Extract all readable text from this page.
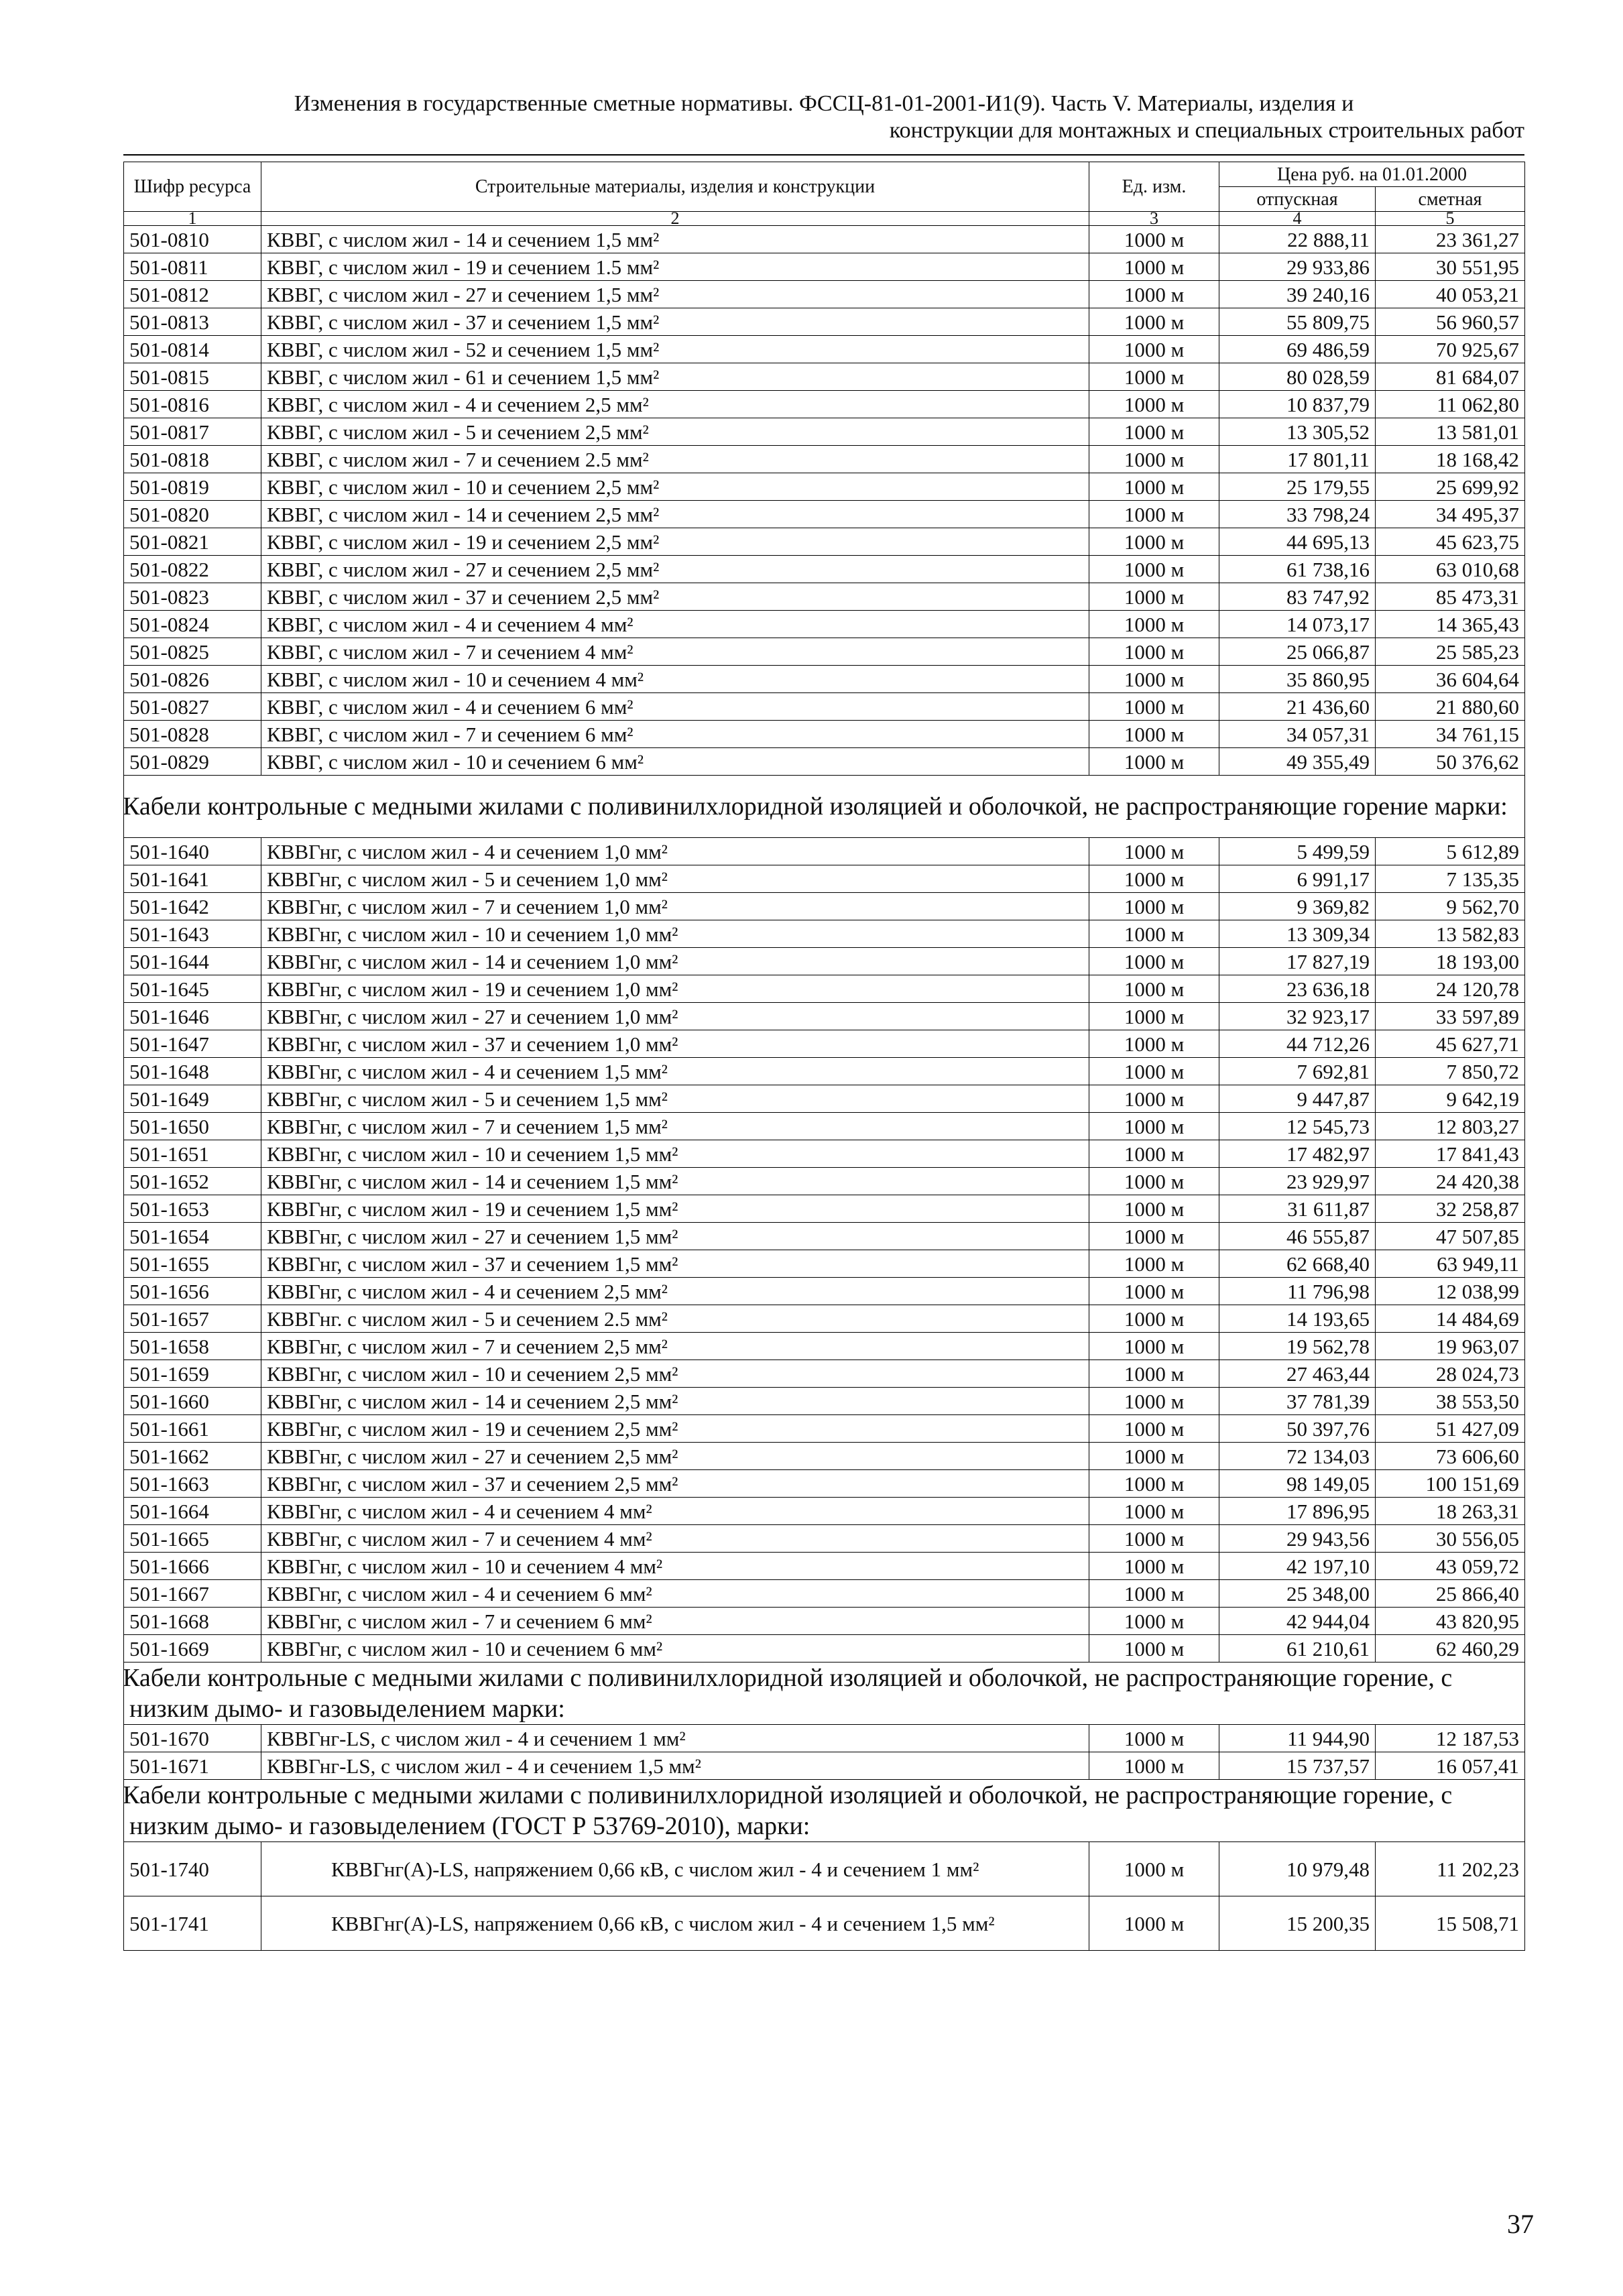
Изменения в государственные сметные нормативы. ФССЦ-81-01-2001-И1(9). Часть V. Материалы, изделия и

конструкции для монтажных и специальных строительных работ

Шифр ресурса	Строительные материалы, изделия и конструкции	Ед. изм.	Цена руб. на 01.01.2000	
			отпускная	сметная
1	2	3	4	5
501-0810	КВВГ, с числом жил - 14 и сечением 1,5 мм²	1000 м	22 888,11	23 361,27
501-0811	КВВГ, с числом жил - 19 и сечением 1.5 мм²	1000 м	29 933,86	30 551,95
501-0812	КВВГ, с числом жил - 27 и сечением 1,5 мм²	1000 м	39 240,16	40 053,21
501-0813	КВВГ, с числом жил - 37 и сечением 1,5 мм²	1000 м	55 809,75	56 960,57
501-0814	КВВГ, с числом жил - 52 и сечением 1,5 мм²	1000 м	69 486,59	70 925,67
501-0815	КВВГ, с числом жил - 61 и сечением 1,5 мм²	1000 м	80 028,59	81 684,07
501-0816	КВВГ, с числом жил - 4 и сечением 2,5 мм²	1000 м	10 837,79	11 062,80
501-0817	КВВГ, с числом жил - 5 и сечением 2,5 мм²	1000 м	13 305,52	13 581,01
501-0818	КВВГ, с числом жил - 7 и сечением 2.5 мм²	1000 м	17 801,11	18 168,42
501-0819	КВВГ, с числом жил - 10 и сечением 2,5 мм²	1000 м	25 179,55	25 699,92
501-0820	КВВГ, с числом жил - 14 и сечением 2,5 мм²	1000 м	33 798,24	34 495,37
501-0821	КВВГ, с числом жил - 19 и сечением 2,5 мм²	1000 м	44 695,13	45 623,75
501-0822	КВВГ, с числом жил - 27 и сечением 2,5 мм²	1000 м	61 738,16	63 010,68
501-0823	КВВГ, с числом жил - 37 и сечением 2,5 мм²	1000 м	83 747,92	85 473,31
501-0824	КВВГ, с числом жил - 4 и сечением 4 мм²	1000 м	14 073,17	14 365,43
501-0825	КВВГ, с числом жил - 7 и сечением 4 мм²	1000 м	25 066,87	25 585,23
501-0826	КВВГ, с числом жил - 10 и сечением 4 мм²	1000 м	35 860,95	36 604,64
501-0827	КВВГ, с числом жил - 4 и сечением 6 мм²	1000 м	21 436,60	21 880,60
501-0828	КВВГ, с числом жил - 7 и сечением 6 мм²	1000 м	34 057,31	34 761,15
501-0829	КВВГ, с числом жил - 10 и сечением 6 мм²	1000 м	49 355,49	50 376,62
Кабели контрольные с медными жилами с поливинилхлоридной изоляцией и оболочкой, не распространяющие горение марки:				
501-1640	КВВГнг, с числом жил - 4 и сечением 1,0 мм²	1000 м	5 499,59	5 612,89
501-1641	КВВГнг, с числом жил - 5 и сечением 1,0 мм²	1000 м	6 991,17	7 135,35
501-1642	КВВГнг, с числом жил - 7 и сечением 1,0 мм²	1000 м	9 369,82	9 562,70
501-1643	КВВГнг, с числом жил - 10 и сечением 1,0 мм²	1000 м	13 309,34	13 582,83
501-1644	КВВГнг, с числом жил - 14 и сечением 1,0 мм²	1000 м	17 827,19	18 193,00
501-1645	КВВГнг, с числом жил - 19 и сечением 1,0 мм²	1000 м	23 636,18	24 120,78
501-1646	КВВГнг, с числом жил - 27 и сечением 1,0 мм²	1000 м	32 923,17	33 597,89
501-1647	КВВГнг, с числом жил - 37 и сечением 1,0 мм²	1000 м	44 712,26	45 627,71
501-1648	КВВГнг, с числом жил - 4 и сечением 1,5 мм²	1000 м	7 692,81	7 850,72
501-1649	КВВГнг, с числом жил - 5 и сечением 1,5 мм²	1000 м	9 447,87	9 642,19
501-1650	КВВГнг, с числом жил - 7 и сечением 1,5 мм²	1000 м	12 545,73	12 803,27
501-1651	КВВГнг, с числом жил - 10 и сечением 1,5 мм²	1000 м	17 482,97	17 841,43
501-1652	КВВГнг, с числом жил - 14 и сечением 1,5 мм²	1000 м	23 929,97	24 420,38
501-1653	КВВГнг, с числом жил - 19 и сечением 1,5 мм²	1000 м	31 611,87	32 258,87
501-1654	КВВГнг, с числом жил - 27 и сечением 1,5 мм²	1000 м	46 555,87	47 507,85
501-1655	КВВГнг, с числом жил - 37 и сечением 1,5 мм²	1000 м	62 668,40	63 949,11
501-1656	КВВГнг, с числом жил - 4 и сечением 2,5 мм²	1000 м	11 796,98	12 038,99
501-1657	КВВГнг. с числом жил - 5 и сечением 2.5 мм²	1000 м	14 193,65	14 484,69
501-1658	КВВГнг, с числом жил - 7 и сечением 2,5 мм²	1000 м	19 562,78	19 963,07
501-1659	КВВГнг, с числом жил - 10 и сечением 2,5 мм²	1000 м	27 463,44	28 024,73
501-1660	КВВГнг, с числом жил - 14 и сечением 2,5 мм²	1000 м	37 781,39	38 553,50
501-1661	КВВГнг, с числом жил - 19 и сечением 2,5 мм²	1000 м	50 397,76	51 427,09
501-1662	КВВГнг, с числом жил - 27 и сечением 2,5 мм²	1000 м	72 134,03	73 606,60
501-1663	КВВГнг, с числом жил - 37 и сечением 2,5 мм²	1000 м	98 149,05	100 151,69
501-1664	КВВГнг, с числом жил - 4 и сечением 4 мм²	1000 м	17 896,95	18 263,31
501-1665	КВВГнг, с числом жил - 7 и сечением 4 мм²	1000 м	29 943,56	30 556,05
501-1666	КВВГнг, с числом жил - 10 и сечением 4 мм²	1000 м	42 197,10	43 059,72
501-1667	КВВГнг, с числом жил - 4 и сечением 6 мм²	1000 м	25 348,00	25 866,40
501-1668	КВВГнг, с числом жил - 7 и сечением 6 мм²	1000 м	42 944,04	43 820,95
501-1669	КВВГнг, с числом жил - 10 и сечением 6 мм²	1000 м	61 210,61	62 460,29
Кабели контрольные с медными жилами с поливинилхлоридной изоляцией и оболочкой, не распространяющие горение, с низким дымо- и газовыделением марки:				
501-1670	КВВГнг-LS, с числом жил - 4 и сечением 1 мм²	1000 м	11 944,90	12 187,53
501-1671	КВВГнг-LS, с числом жил - 4 и сечением 1,5 мм²	1000 м	15 737,57	16 057,41
Кабели контрольные с медными жилами с поливинилхлоридной изоляцией и оболочкой, не распространяющие горение, с низким дымо- и газовыделением (ГОСТ Р 53769-2010), марки:				
501-1740	КВВГнг(А)-LS, напряжением 0,66 кВ, с числом жил - 4 и сечением 1 мм²	1000 м	10 979,48	11 202,23
501-1741	КВВГнг(А)-LS, напряжением 0,66 кВ, с числом жил - 4 и сечением 1,5 мм²	1000 м	15 200,35	15 508,71
37
